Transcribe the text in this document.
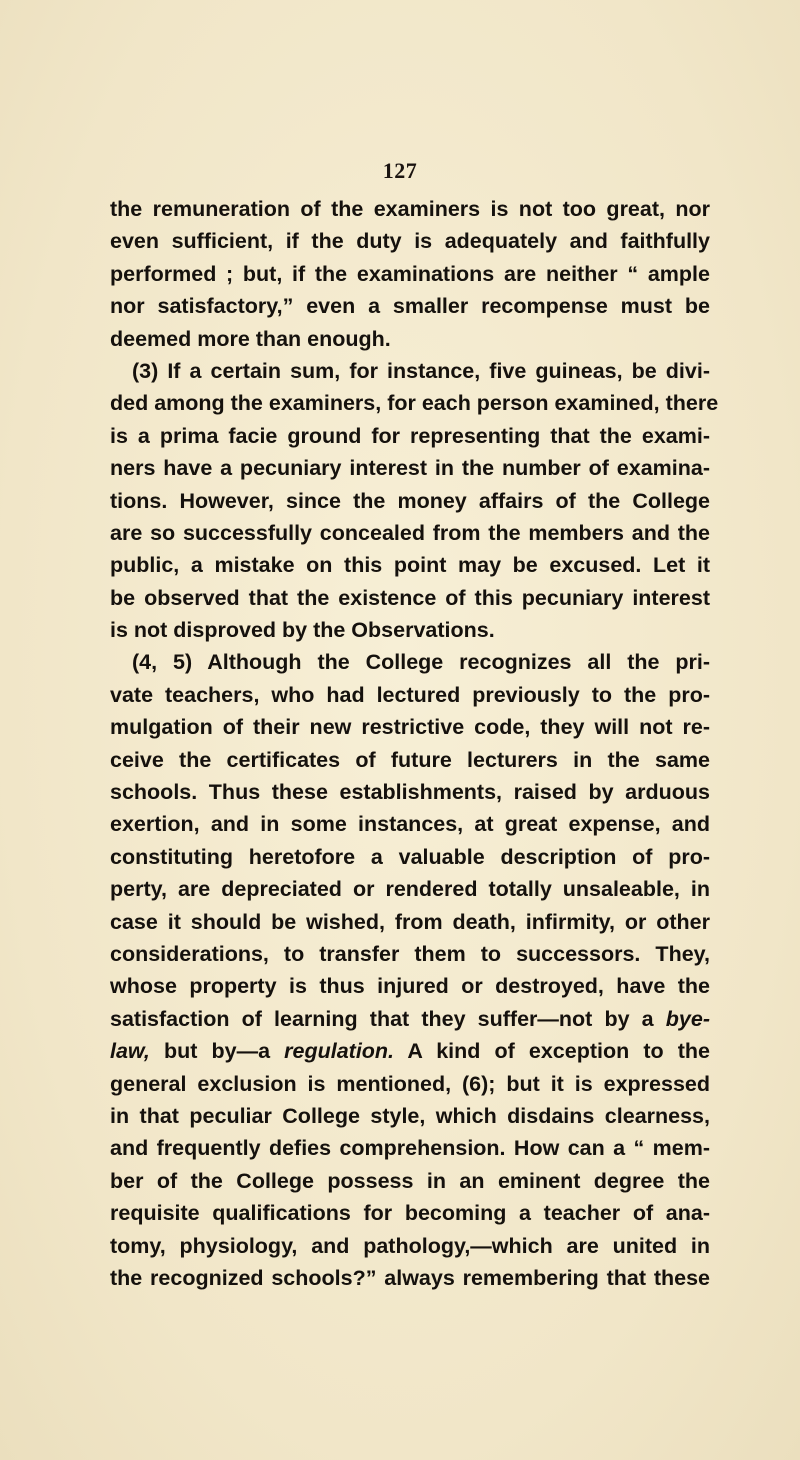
127
the remuneration of the examiners is not too great, nor
even sufficient, if the duty is adequately and faithfully
performed ; but, if the examinations are neither “ ample
nor satisfactory,” even a smaller recompense must be
deemed more than enough.
(3) If a certain sum, for instance, five guineas, be divi-
ded among the examiners, for each person examined, there
is a prima facie ground for representing that the exami-
ners have a pecuniary interest in the number of examina-
tions. However, since the money affairs of the College
are so successfully concealed from the members and the
public, a mistake on this point may be excused. Let it
be observed that the existence of this pecuniary interest
is not disproved by the Observations.
(4, 5) Although the College recognizes all the pri-
vate teachers, who had lectured previously to the pro-
mulgation of their new restrictive code, they will not re-
ceive the certificates of future lecturers in the same
schools. Thus these establishments, raised by arduous
exertion, and in some instances, at great expense, and
constituting heretofore a valuable description of pro-
perty, are depreciated or rendered totally unsaleable, in
case it should be wished, from death, infirmity, or other
considerations, to transfer them to successors. They,
whose property is thus injured or destroyed, have the
satisfaction of learning that they suffer—not by a bye-
law, but by—a regulation. A kind of exception to the
general exclusion is mentioned, (6); but it is expressed
in that peculiar College style, which disdains clearness,
and frequently defies comprehension. How can a “ mem-
ber of the College possess in an eminent degree the
requisite qualifications for becoming a teacher of ana-
tomy, physiology, and pathology,—which are united in
the recognized schools?” always remembering that these
